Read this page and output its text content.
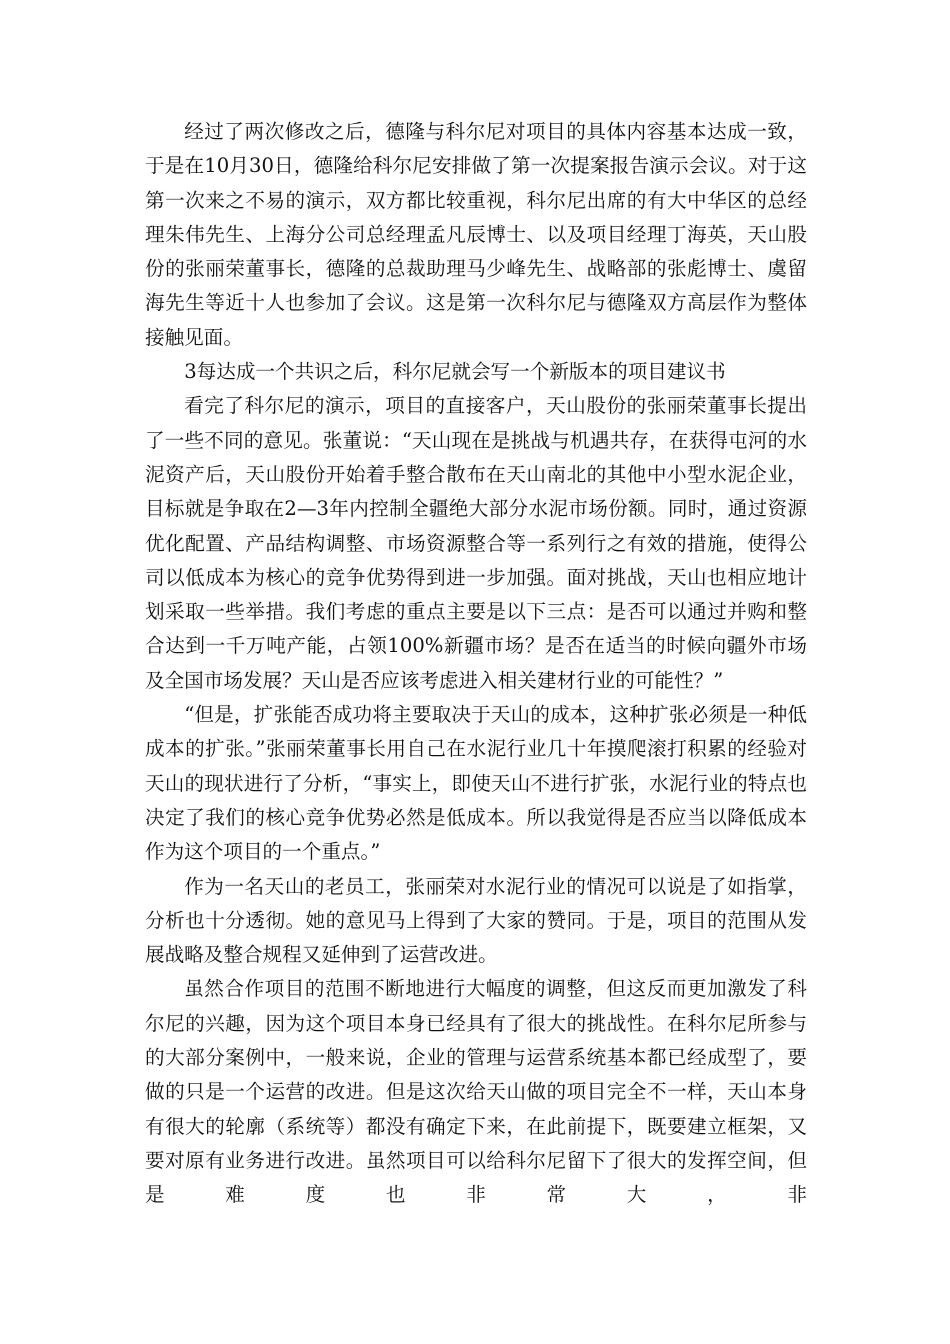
经过了两次修改之后，德隆与科尔尼对项目的具体内容基本达成一致，于是在10月30日，德隆给科尔尼安排做了第一次提案报告演示会议。对于这第一次来之不易的演示，双方都比较重视，科尔尼出席的有大中华区的总经理朱伟先生、上海分公司总经理孟凡辰博士、以及项目经理丁海英，天山股份的张丽荣董事长，德隆的总裁助理马少峰先生、战略部的张彪博士、虞留海先生等近十人也参加了会议。这是第一次科尔尼与德隆双方高层作为整体接触见面。

3每达成一个共识之后，科尔尼就会写一个新版本的项目建议书

看完了科尔尼的演示，项目的直接客户，天山股份的张丽荣董事长提出了一些不同的意见。张董说：“天山现在是挑战与机遇共存，在获得屯河的水泥资产后，天山股份开始着手整合散布在天山南北的其他中小型水泥企业，目标就是争取在2—3年内控制全疆绝大部分水泥市场份额。同时，通过资源优化配置、产品结构调整、市场资源整合等一系列行之有效的措施，使得公司以低成本为核心的竞争优势得到进一步加强。面对挑战，天山也相应地计划采取一些举措。我们考虑的重点主要是以下三点：是否可以通过并购和整合达到一千万吨产能，占领100%新疆市场？是否在适当的时候向疆外市场及全国市场发展？天山是否应该考虑进入相关建材行业的可能性？”

“但是，扩张能否成功将主要取决于天山的成本，这种扩张必须是一种低成本的扩张。”张丽荣董事长用自己在水泥行业几十年摸爬滚打积累的经验对天山的现状进行了分析，“事实上，即使天山不进行扩张，水泥行业的特点也决定了我们的核心竞争优势必然是低成本。所以我觉得是否应当以降低成本作为这个项目的一个重点。”

作为一名天山的老员工，张丽荣对水泥行业的情况可以说是了如指掌，分析也十分透彻。她的意见马上得到了大家的赞同。于是，项目的范围从发展战略及整合规程又延伸到了运营改进。

虽然合作项目的范围不断地进行大幅度的调整，但这反而更加激发了科尔尼的兴趣，因为这个项目本身已经具有了很大的挑战性。在科尔尼所参与的大部分案例中，一般来说，企业的管理与运营系统基本都已经成型了，要做的只是一个运营的改进。但是这次给天山做的项目完全不一样，天山本身有很大的轮廓（系统等）都没有确定下来，在此前提下，既要建立框架，又要对原有业务进行改进。虽然项目可以给科尔尼留下了很大的发挥空间，但是难度也非常大，非
